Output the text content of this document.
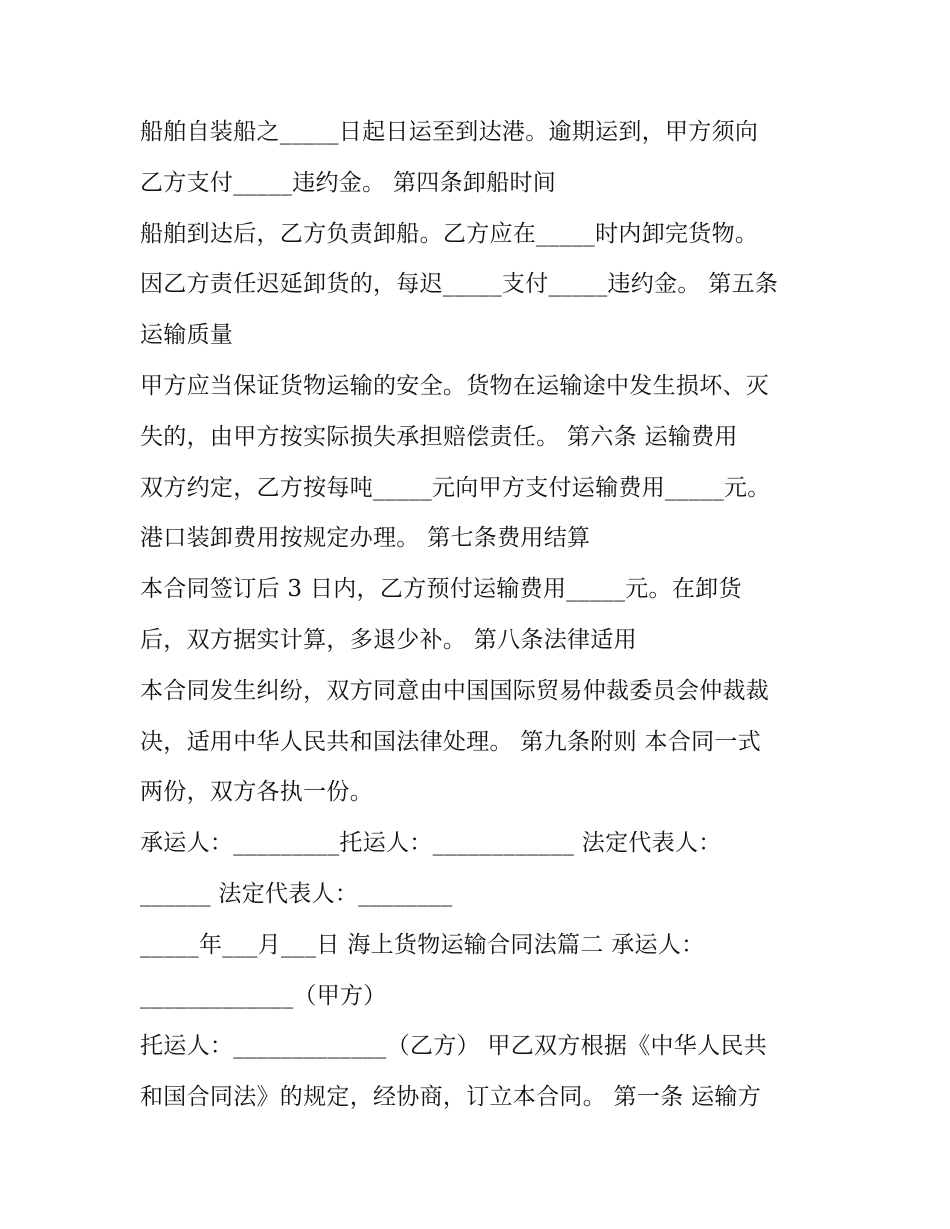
船舶自装船之_____日起日运至到达港。逾期运到，甲方须向
乙方支付_____违约金。 第四条卸船时间
船舶到达后，乙方负责卸船。乙方应在_____时内卸完货物。
因乙方责任迟延卸货的，每迟_____支付_____违约金。 第五条
运输质量
甲方应当保证货物运输的安全。货物在运输途中发生损坏、灭
失的，由甲方按实际损失承担赔偿责任。 第六条 运输费用
双方约定，乙方按每吨_____元向甲方支付运输费用_____元。
港口装卸费用按规定办理。 第七条费用结算
本合同签订后 3 日内，乙方预付运输费用_____元。在卸货
后，双方据实计算，多退少补。 第八条法律适用
本合同发生纠纷，双方同意由中国国际贸易仲裁委员会仲裁裁
决，适用中华人民共和国法律处理。 第九条附则 本合同一式
两份，双方各执一份。
承运人：_________托运人：____________ 法定代表人：
______ 法定代表人：________
_____年___月___日 海上货物运输合同法篇二 承运人：
_____________（甲方）
托运人：_____________（乙方） 甲乙双方根据《中华人民共
和国合同法》的规定，经协商，订立本合同。 第一条 运输方
